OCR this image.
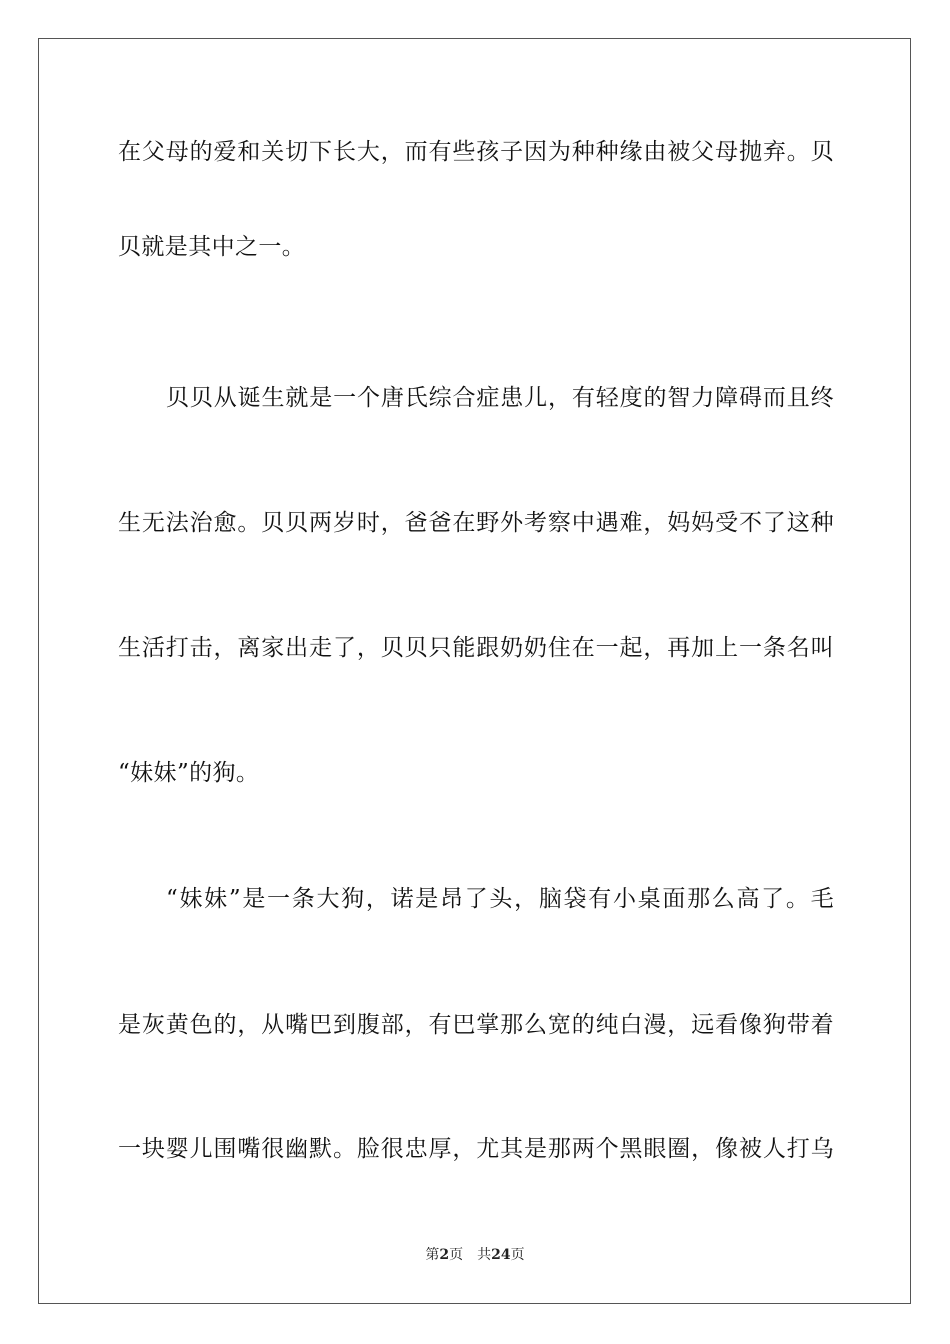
在父母的爱和关切下长大，而有些孩子因为种种缘由被父母抛弃。贝
贝就是其中之一。
贝贝从诞生就是一个唐氏综合症患儿，有轻度的智力障碍而且终
生无法治愈。贝贝两岁时，爸爸在野外考察中遇难，妈妈受不了这种
生活打击，离家出走了，贝贝只能跟奶奶住在一起，再加上一条名叫
“妹妹”的狗。
“妹妹”是一条大狗，诺是昂了头，脑袋有小桌面那么高了。毛
是灰黄色的，从嘴巴到腹部，有巴掌那么宽的纯白漫，远看像狗带着
一块婴儿围嘴很幽默。脸很忠厚，尤其是那两个黑眼圈，像被人打乌
第2页 共24页
